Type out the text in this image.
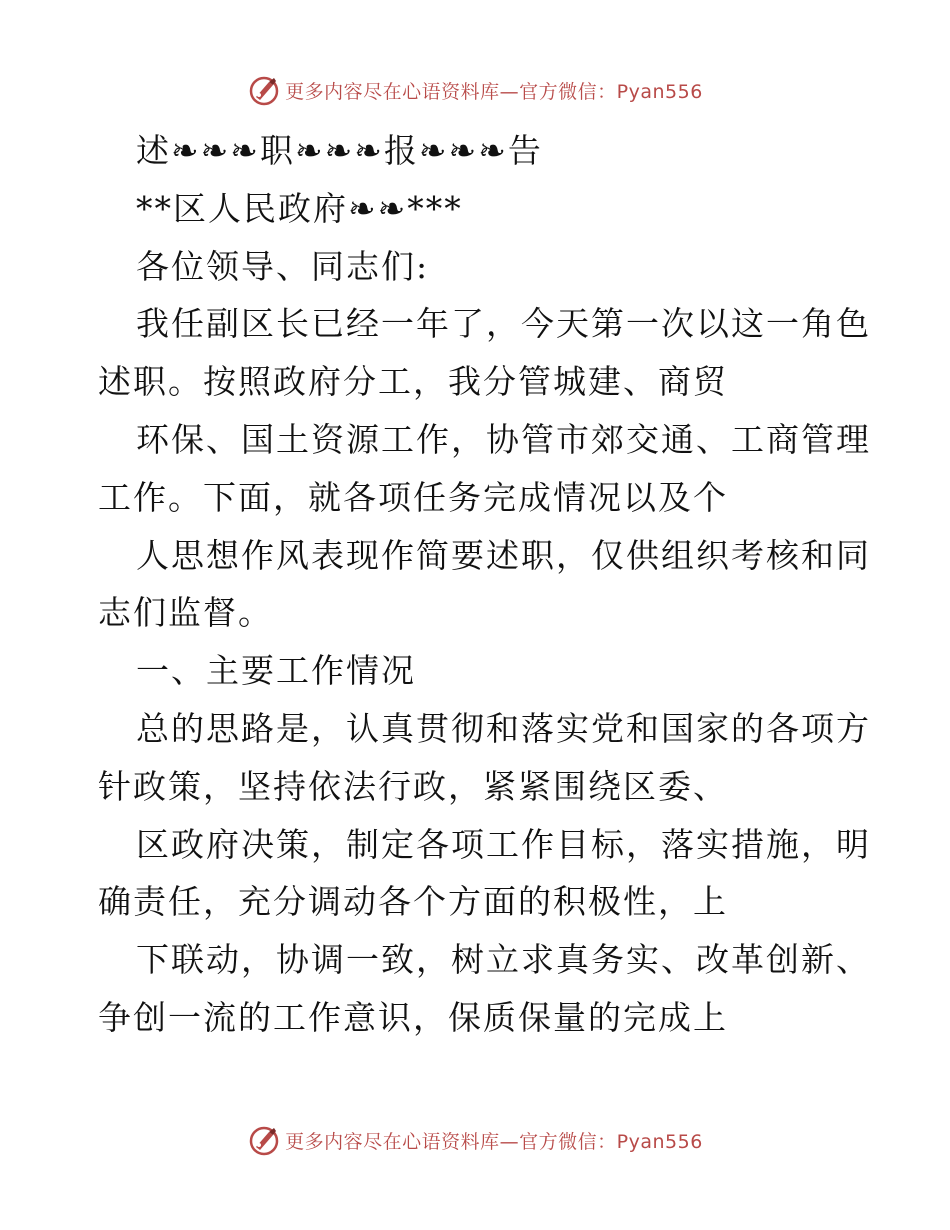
更多内容尽在心语资料库—官方微信：Pyan556
述❧❧❧职❧❧❧报❧❧❧告
**区人民政府❧❧***
各位领导、同志们:
我任副区长已经一年了，今天第一次以这一角色
述职。按照政府分工，我分管城建、商贸
环保、国土资源工作，协管市郊交通、工商管理
工作。下面，就各项任务完成情况以及个
人思想作风表现作简要述职，仅供组织考核和同
志们监督。
一、主要工作情况
总的思路是，认真贯彻和落实党和国家的各项方
针政策，坚持依法行政，紧紧围绕区委、
区政府决策，制定各项工作目标，落实措施，明
确责任，充分调动各个方面的积极性，上
下联动，协调一致，树立求真务实、改革创新、
争创一流的工作意识，保质保量的完成上
更多内容尽在心语资料库—官方微信：Pyan556
